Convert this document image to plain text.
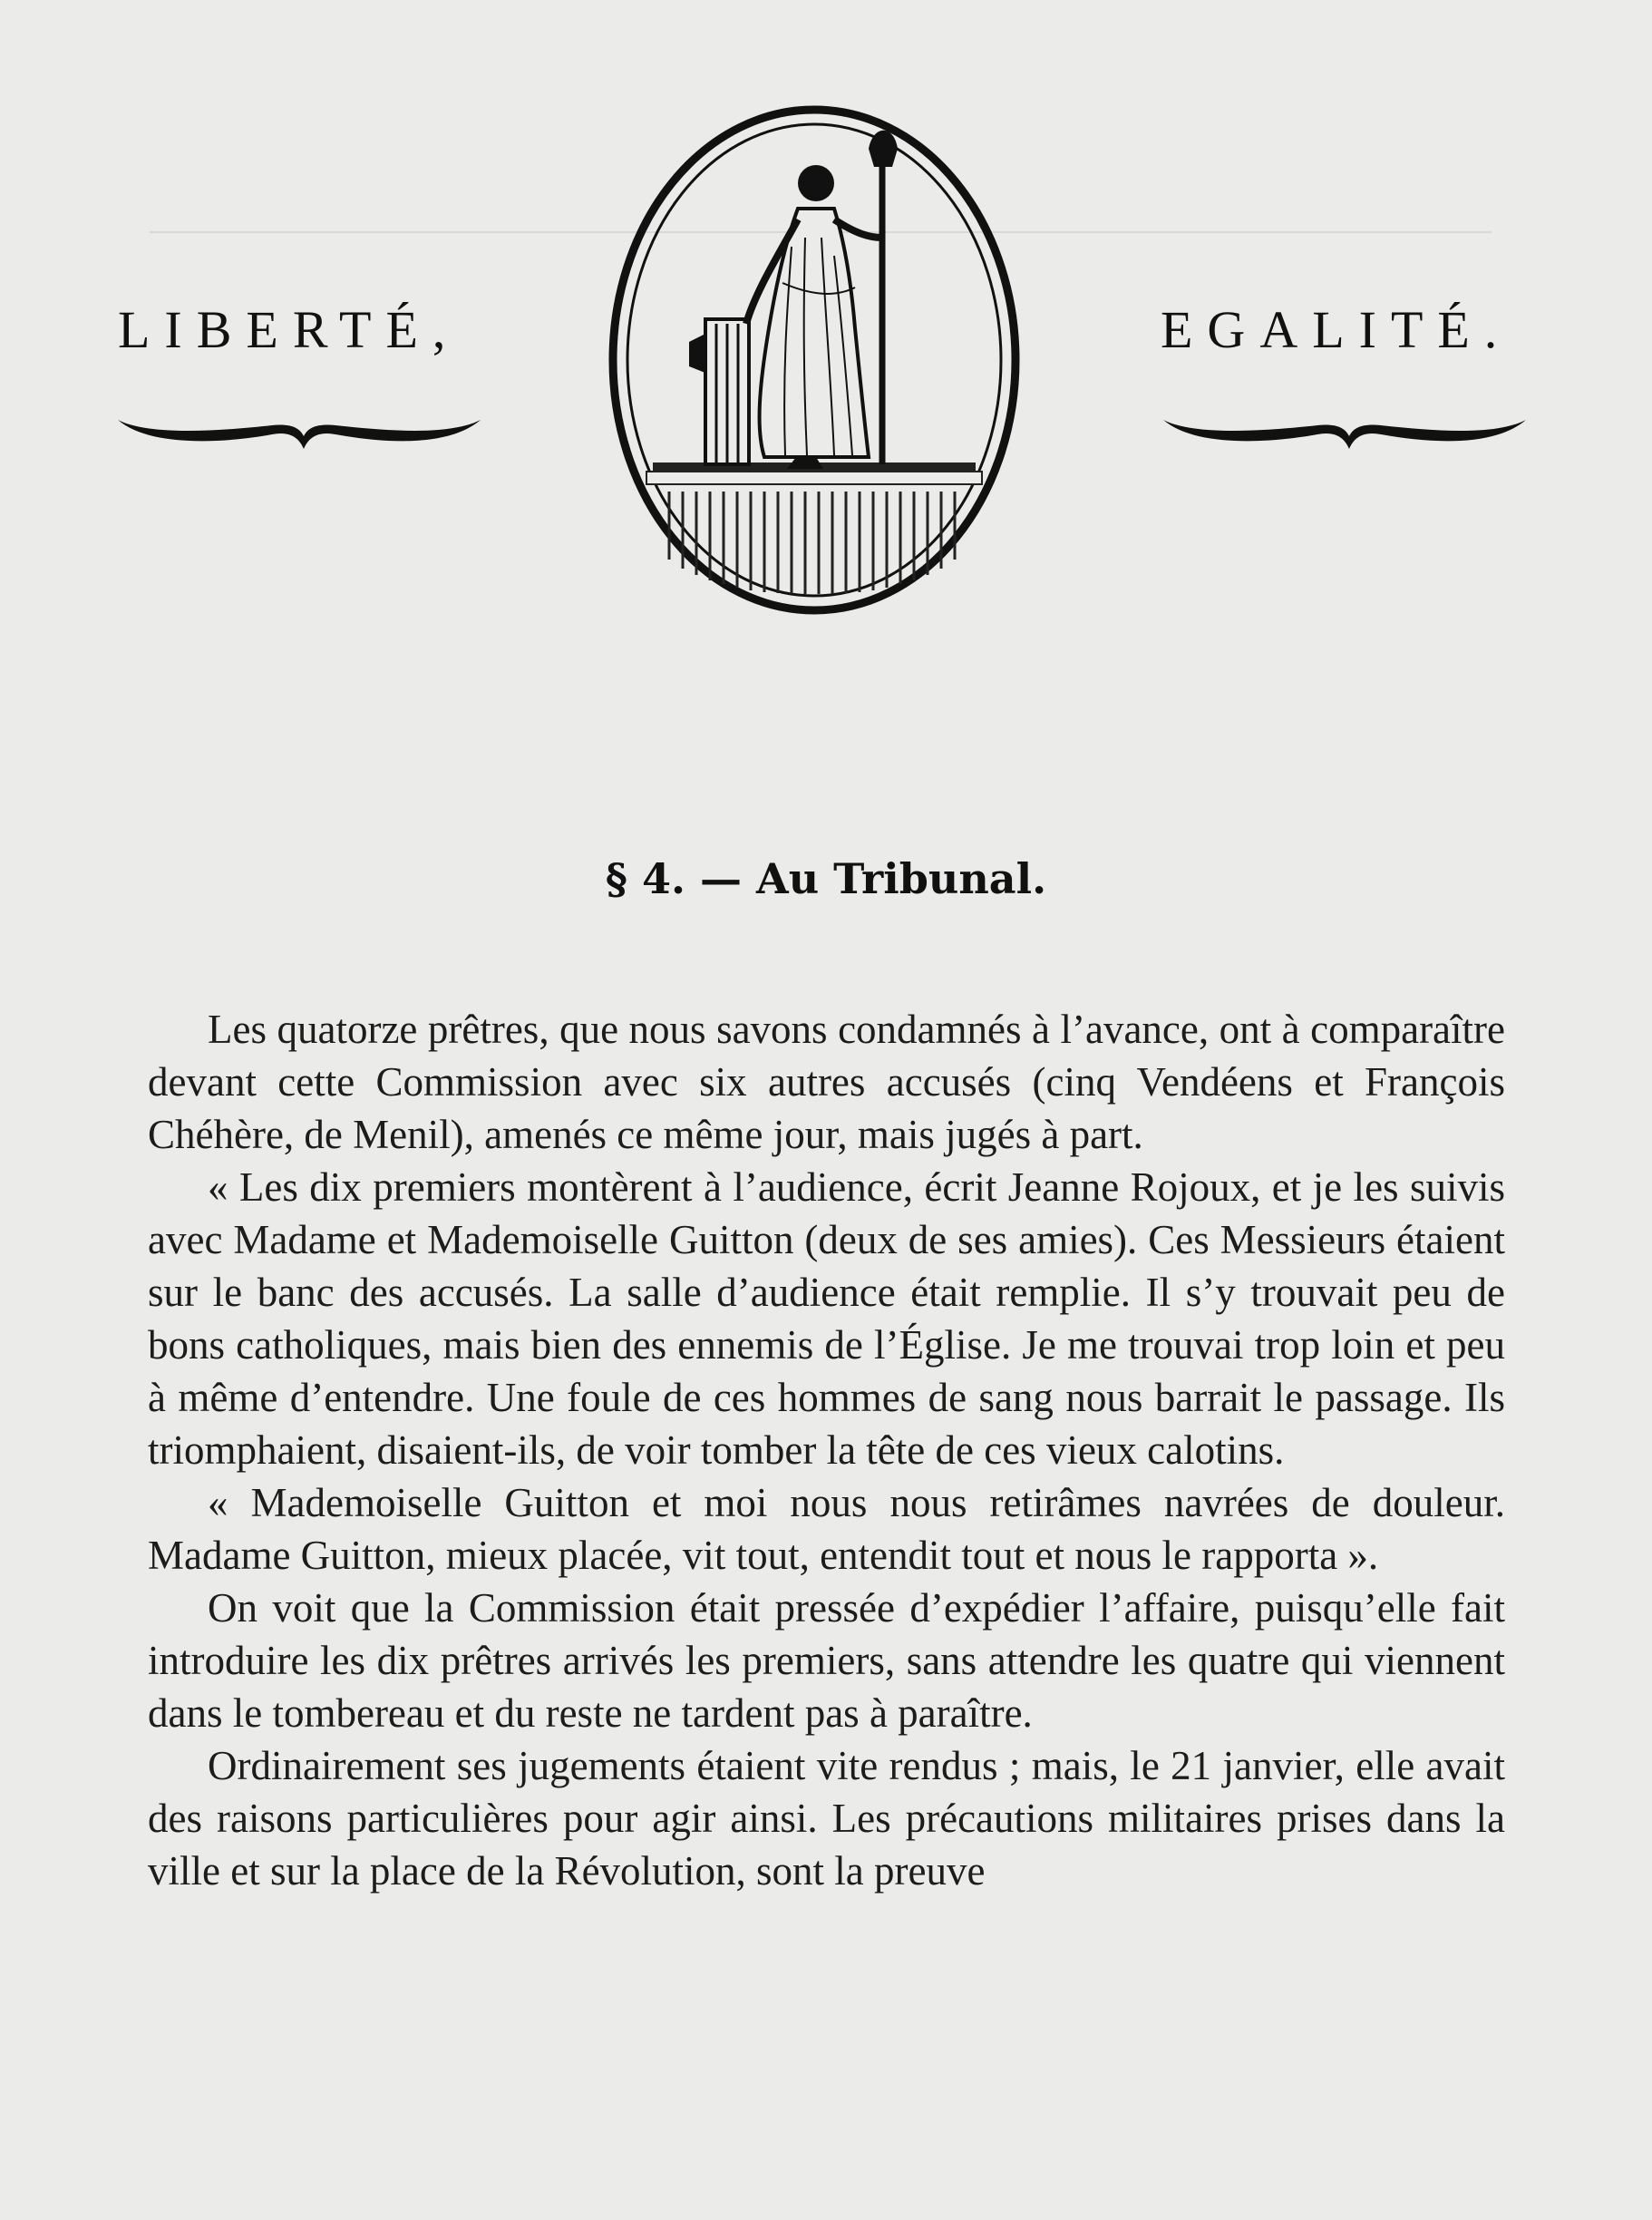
LIBERTÉ,	EGALITÉ.
§ 4. — Au Tribunal.

Les quatorze prêtres, que nous savons condamnés à l’avance, ont à comparaître devant cette Commission avec six autres accusés (cinq Vendéens et François Chéhère, de Menil), amenés ce même jour, mais jugés à part.

« Les dix premiers montèrent à l’audience, écrit Jeanne Rojoux, et je les suivis avec Madame et Mademoiselle Guitton (deux de ses amies). Ces Messieurs étaient sur le banc des accusés. La salle d’audience était remplie. Il s’y trouvait peu de bons catholiques, mais bien des ennemis de l’Église. Je me trouvai trop loin et peu à même d’entendre. Une foule de ces hommes de sang nous barrait le passage. Ils triomphaient, disaient-ils, de voir tomber la tête de ces vieux calotins.

« Mademoiselle Guitton et moi nous nous retirâmes navrées de douleur. Madame Guitton, mieux placée, vit tout, entendit tout et nous le rapporta ».

On voit que la Commission était pressée d’expédier l’affaire, puisqu’elle fait introduire les dix prêtres arrivés les premiers, sans attendre les quatre qui viennent dans le tombereau et du reste ne tardent pas à paraître.

Ordinairement ses jugements étaient vite rendus ; mais, le 21 janvier, elle avait des raisons particulières pour agir ainsi. Les précautions militaires prises dans la ville et sur la place de la Révolution, sont la preuve
